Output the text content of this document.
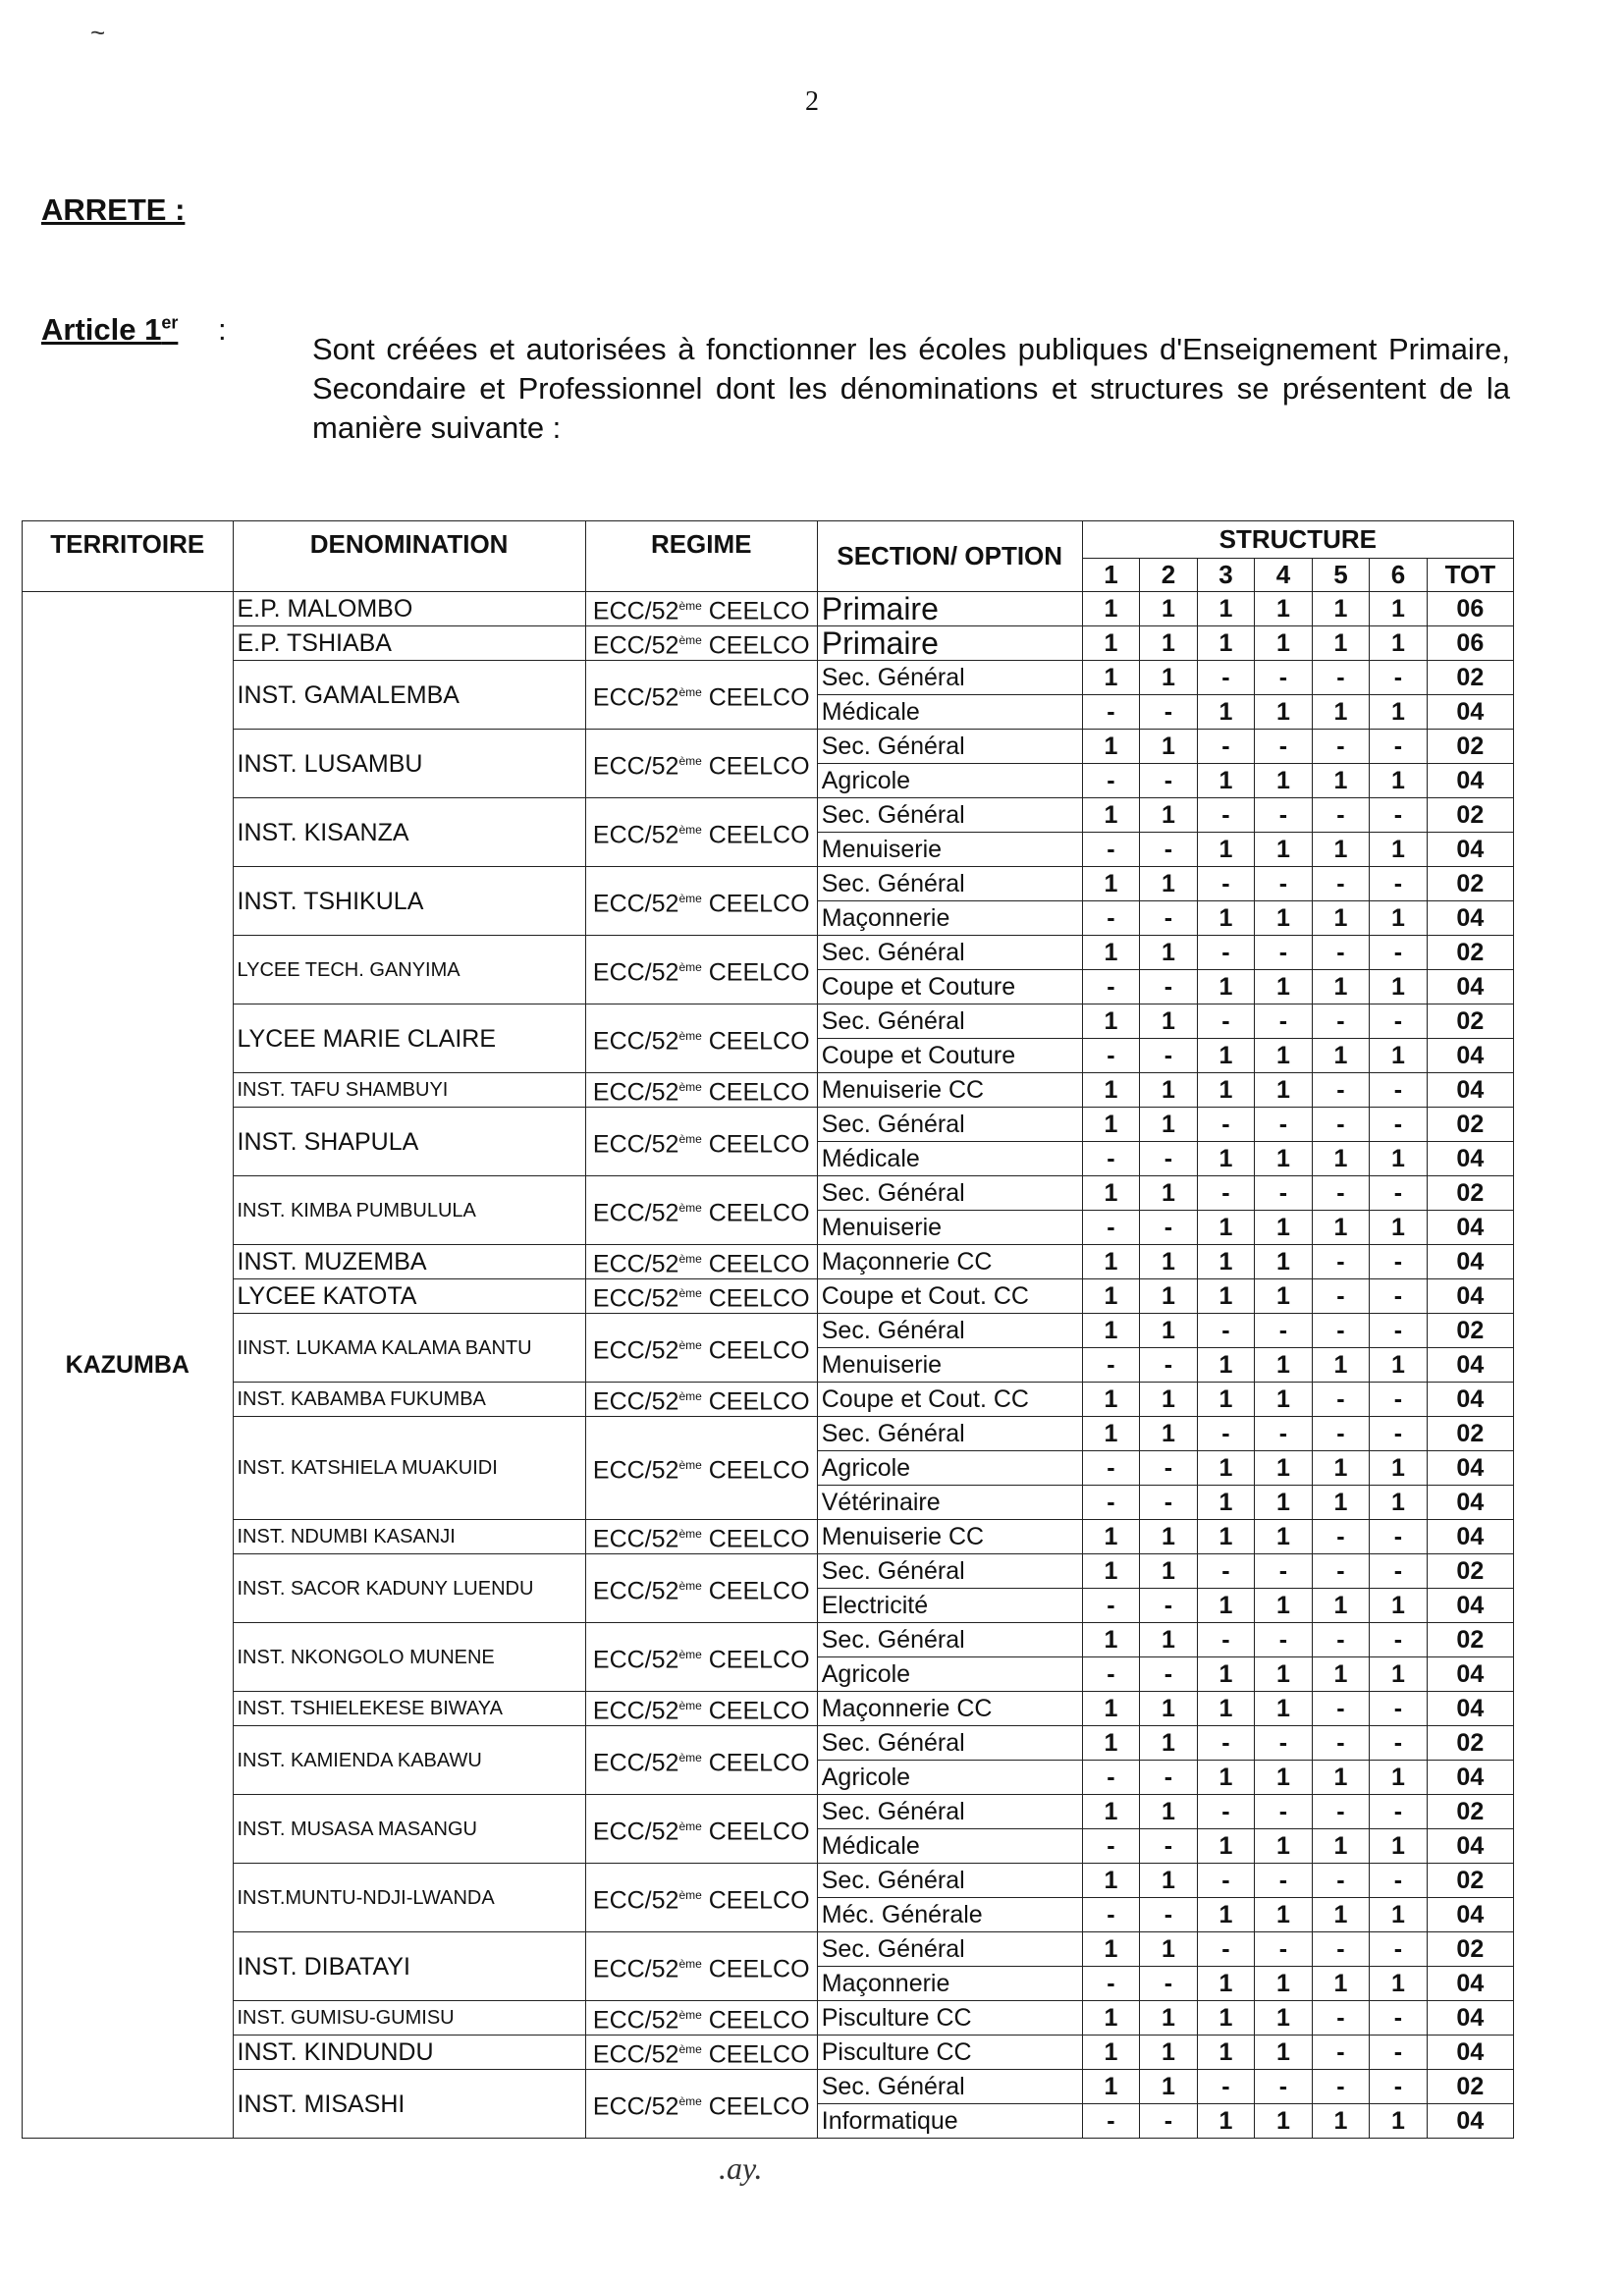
2
ARRETE :
Article 1er :
Sont créées et autorisées à fonctionner les écoles publiques d'Enseignement Primaire, Secondaire et Professionnel dont les dénominations et structures se présentent de la manière suivante :
TERRITOIRE	DENOMINATION	REGIME	SECTION/ OPTION	STRUCTURE						
				1	2	3	4	5	6	TOT
KAZUMBA	E.P. MALOMBO	ECC/52ème CEELCO	Primaire	1	1	1	1	1	1	06
	E.P. TSHIABA	ECC/52ème CEELCO	Primaire	1	1	1	1	1	1	06
	INST. GAMALEMBA	ECC/52ème CEELCO	Sec. Général	1	1	-	-	-	-	02
			Médicale	-	-	1	1	1	1	04
	INST. LUSAMBU	ECC/52ème CEELCO	Sec. Général	1	1	-	-	-	-	02
			Agricole	-	-	1	1	1	1	04
	INST. KISANZA	ECC/52ème CEELCO	Sec. Général	1	1	-	-	-	-	02
			Menuiserie	-	-	1	1	1	1	04
	INST. TSHIKULA	ECC/52ème CEELCO	Sec. Général	1	1	-	-	-	-	02
			Maçonnerie	-	-	1	1	1	1	04
	LYCEE TECH. GANYIMA	ECC/52ème CEELCO	Sec. Général	1	1	-	-	-	-	02
			Coupe et Couture	-	-	1	1	1	1	04
	LYCEE MARIE CLAIRE	ECC/52ème CEELCO	Sec. Général	1	1	-	-	-	-	02
			Coupe et Couture	-	-	1	1	1	1	04
	INST. TAFU SHAMBUYI	ECC/52ème CEELCO	Menuiserie CC	1	1	1	1	-	-	04
	INST. SHAPULA	ECC/52ème CEELCO	Sec. Général	1	1	-	-	-	-	02
			Médicale	-	-	1	1	1	1	04
	INST. KIMBA PUMBULULA	ECC/52ème CEELCO	Sec. Général	1	1	-	-	-	-	02
			Menuiserie	-	-	1	1	1	1	04
	INST. MUZEMBA	ECC/52ème CEELCO	Maçonnerie CC	1	1	1	1	-	-	04
	LYCEE KATOTA	ECC/52ème CEELCO	Coupe et Cout. CC	1	1	1	1	-	-	04
	IINST. LUKAMA KALAMA BANTU	ECC/52ème CEELCO	Sec. Général	1	1	-	-	-	-	02
			Menuiserie	-	-	1	1	1	1	04
	INST. KABAMBA FUKUMBA	ECC/52ème CEELCO	Coupe et Cout. CC	1	1	1	1	-	-	04
	INST. KATSHIELA MUAKUIDI	ECC/52ème CEELCO	Sec. Général	1	1	-	-	-	-	02
			Agricole	-	-	1	1	1	1	04
			Vétérinaire	-	-	1	1	1	1	04
	INST. NDUMBI KASANJI	ECC/52ème CEELCO	Menuiserie CC	1	1	1	1	-	-	04
	INST. SACOR KADUNY LUENDU	ECC/52ème CEELCO	Sec. Général	1	1	-	-	-	-	02
			Electricité	-	-	1	1	1	1	04
	INST. NKONGOLO MUNENE	ECC/52ème CEELCO	Sec. Général	1	1	-	-	-	-	02
			Agricole	-	-	1	1	1	1	04
	INST. TSHIELEKESE BIWAYA	ECC/52ème CEELCO	Maçonnerie CC	1	1	1	1	-	-	04
	INST. KAMIENDA KABAWU	ECC/52ème CEELCO	Sec. Général	1	1	-	-	-	-	02
			Agricole	-	-	1	1	1	1	04
	INST. MUSASA MASANGU	ECC/52ème CEELCO	Sec. Général	1	1	-	-	-	-	02
			Médicale	-	-	1	1	1	1	04
	INST.MUNTU-NDJI-LWANDA	ECC/52ème CEELCO	Sec. Général	1	1	-	-	-	-	02
			Méc. Générale	-	-	1	1	1	1	04
	INST. DIBATAYI	ECC/52ème CEELCO	Sec. Général	1	1	-	-	-	-	02
			Maçonnerie	-	-	1	1	1	1	04
	INST. GUMISU-GUMISU	ECC/52ème CEELCO	Pisculture CC	1	1	1	1	-	-	04
	INST. KINDUNDU	ECC/52ème CEELCO	Pisculture CC	1	1	1	1	-	-	04
	INST. MISASHI	ECC/52ème CEELCO	Sec. Général	1	1	-	-	-	-	02
			Informatique	-	-	1	1	1	1	04
.ay.
~
